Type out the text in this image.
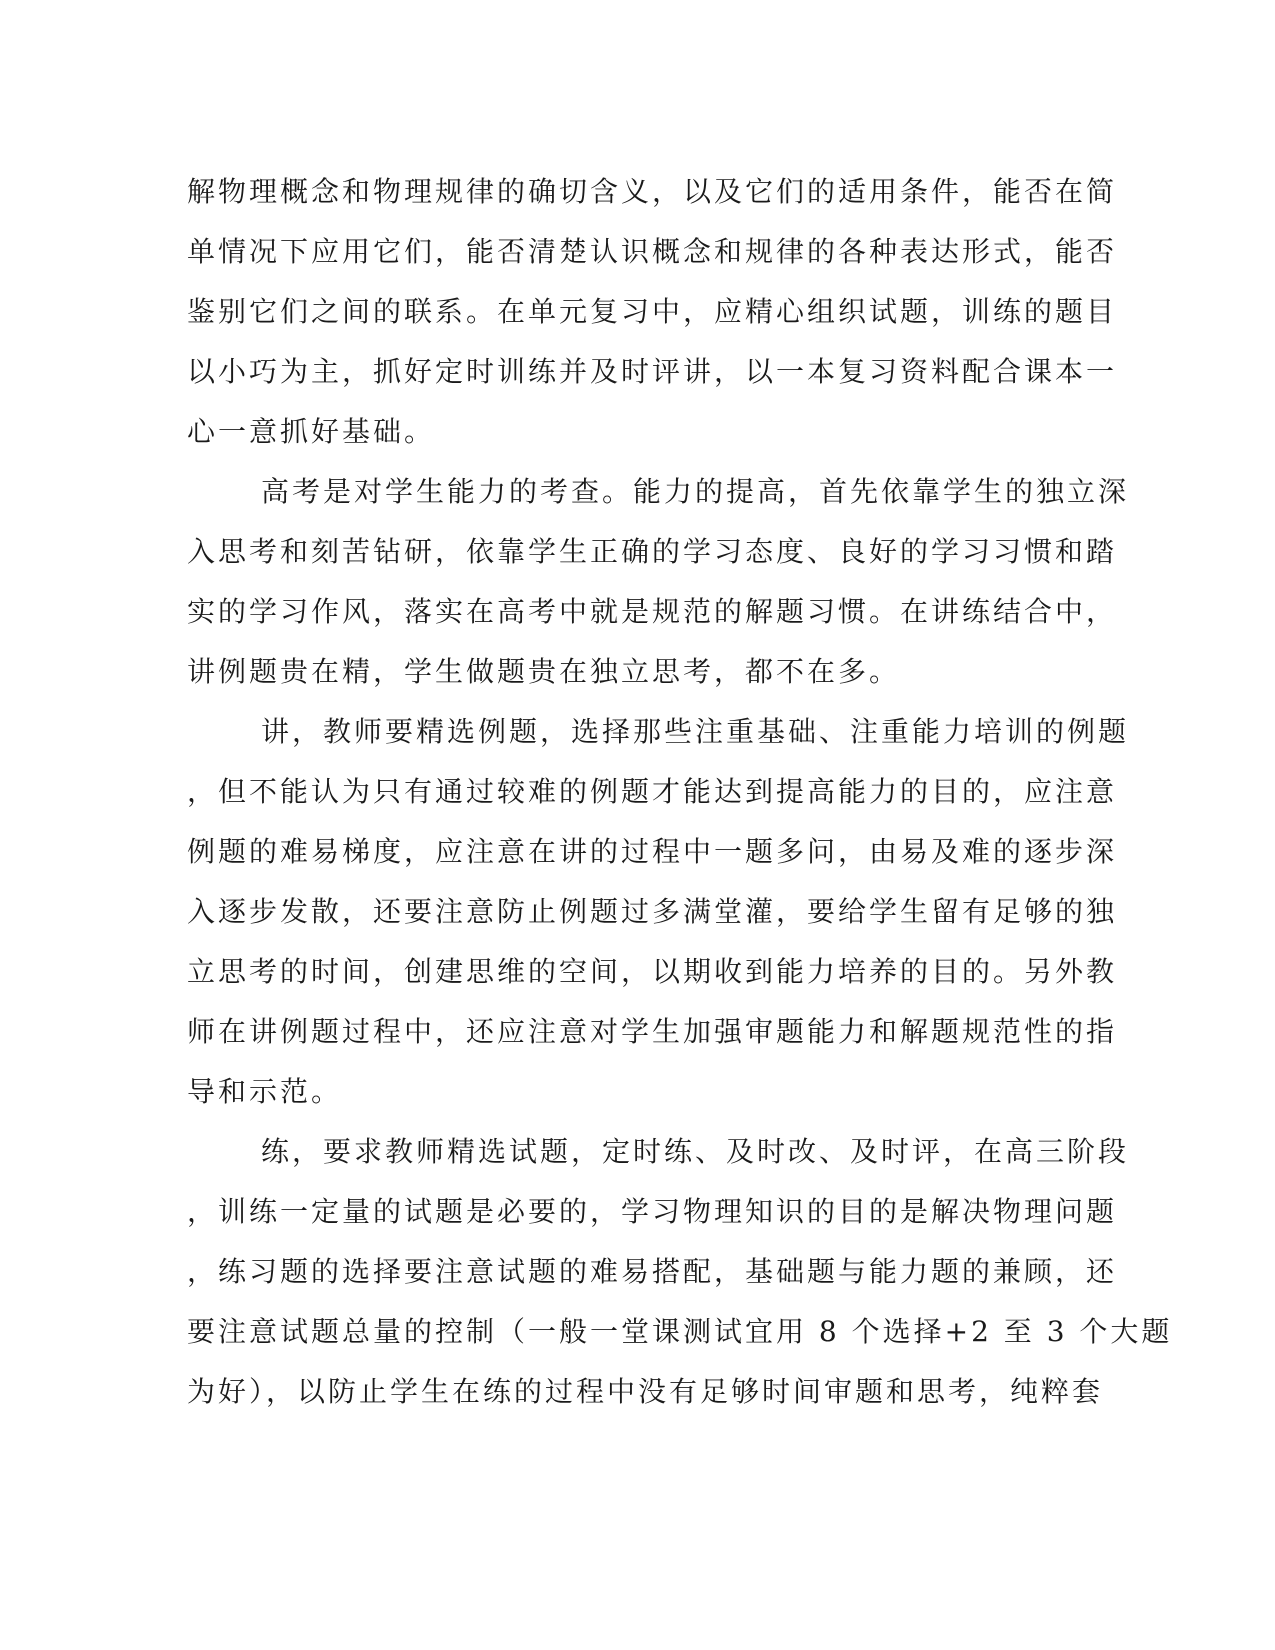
解物理概念和物理规律的确切含义，以及它们的适用条件，能否在简
单情况下应用它们，能否清楚认识概念和规律的各种表达形式，能否
鉴别它们之间的联系。在单元复习中，应精心组织试题，训练的题目
以小巧为主，抓好定时训练并及时评讲，以一本复习资料配合课本一
心一意抓好基础。
高考是对学生能力的考查。能力的提高，首先依靠学生的独立深
入思考和刻苦钻研，依靠学生正确的学习态度、良好的学习习惯和踏
实的学习作风，落实在高考中就是规范的解题习惯。在讲练结合中，
讲例题贵在精，学生做题贵在独立思考，都不在多。
讲，教师要精选例题，选择那些注重基础、注重能力培训的例题
，但不能认为只有通过较难的例题才能达到提高能力的目的，应注意
例题的难易梯度，应注意在讲的过程中一题多问，由易及难的逐步深
入逐步发散，还要注意防止例题过多满堂灌，要给学生留有足够的独
立思考的时间，创建思维的空间，以期收到能力培养的目的。另外教
师在讲例题过程中，还应注意对学生加强审题能力和解题规范性的指
导和示范。
练，要求教师精选试题，定时练、及时改、及时评，在高三阶段
，训练一定量的试题是必要的，学习物理知识的目的是解决物理问题
，练习题的选择要注意试题的难易搭配，基础题与能力题的兼顾，还
要注意试题总量的控制（一般一堂课测试宜用 8 个选择+2 至 3 个大题
为好），以防止学生在练的过程中没有足够时间审题和思考，纯粹套
